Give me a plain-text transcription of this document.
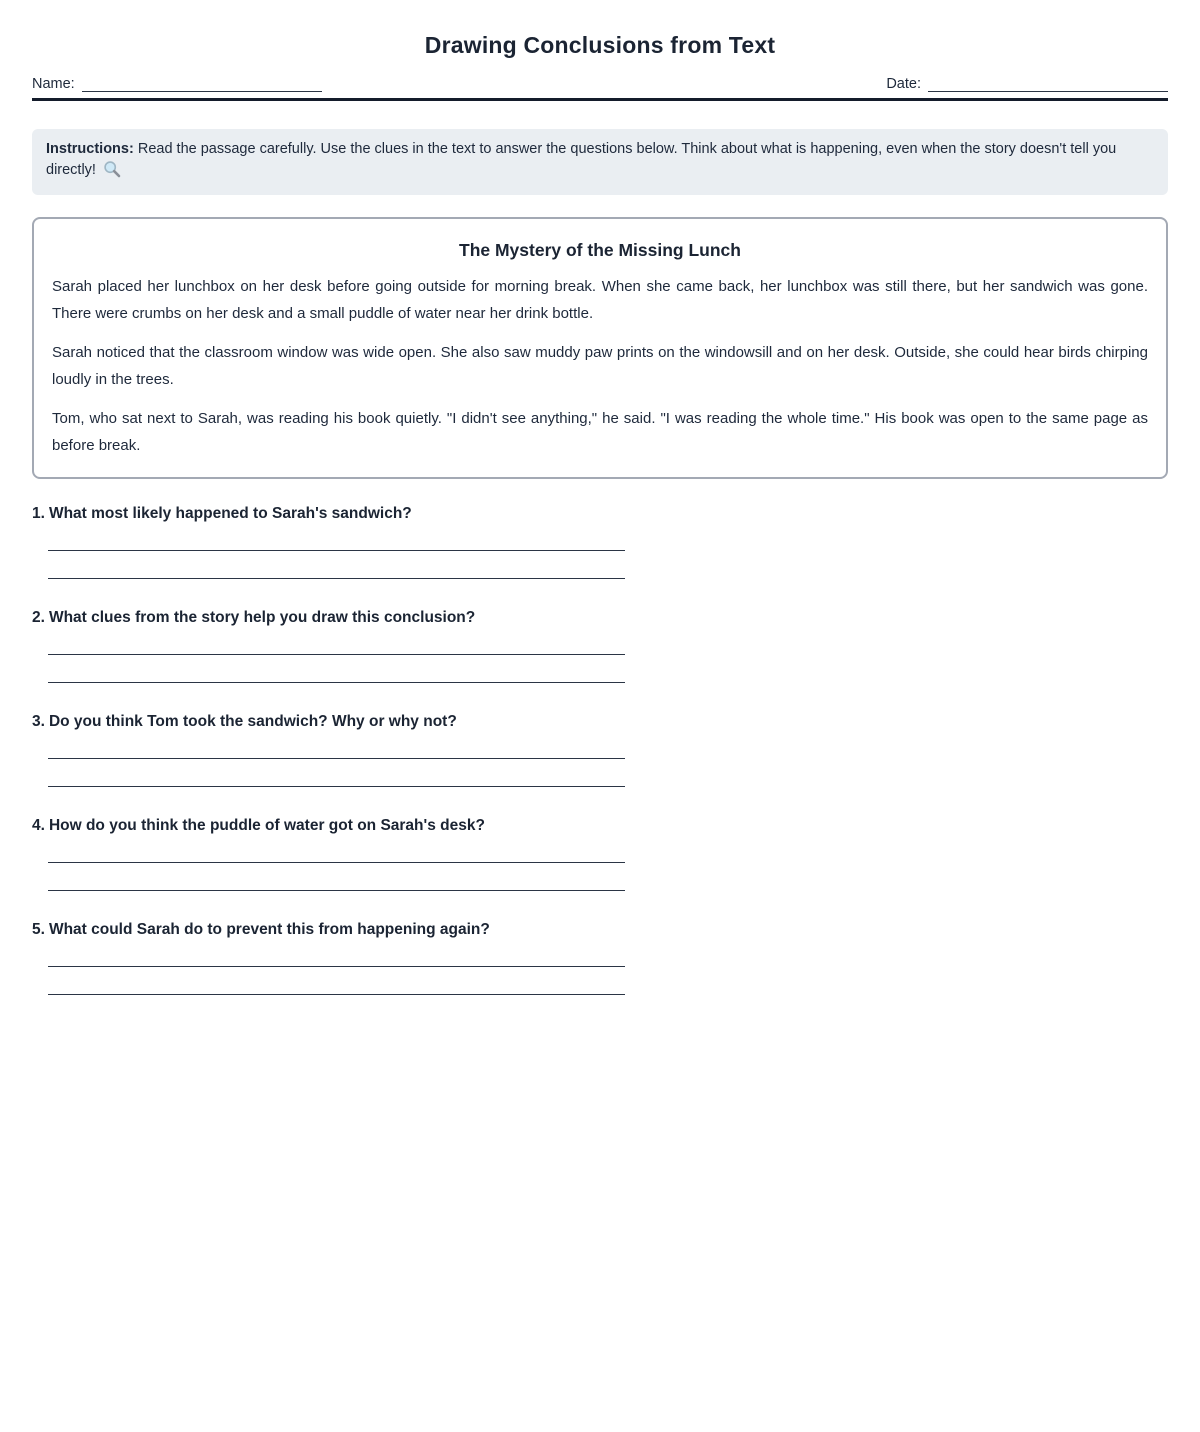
Drawing Conclusions from Text
Name:	Date:
Instructions: Read the passage carefully. Use the clues in the text to answer the questions below. Think about what is happening, even when the story doesn't tell you directly!
The Mystery of the Missing Lunch

Sarah placed her lunchbox on her desk before going outside for morning break. When she came back, her lunchbox was still there, but her sandwich was gone. There were crumbs on her desk and a small puddle of water near her drink bottle.

Sarah noticed that the classroom window was wide open. She also saw muddy paw prints on the windowsill and on her desk. Outside, she could hear birds chirping loudly in the trees.

Tom, who sat next to Sarah, was reading his book quietly. "I didn't see anything," he said. "I was reading the whole time." His book was open to the same page as before break.

1. What most likely happened to Sarah's sandwich?
2. What clues from the story help you draw this conclusion?
3. Do you think Tom took the sandwich? Why or why not?
4. How do you think the puddle of water got on Sarah's desk?
5. What could Sarah do to prevent this from happening again?
